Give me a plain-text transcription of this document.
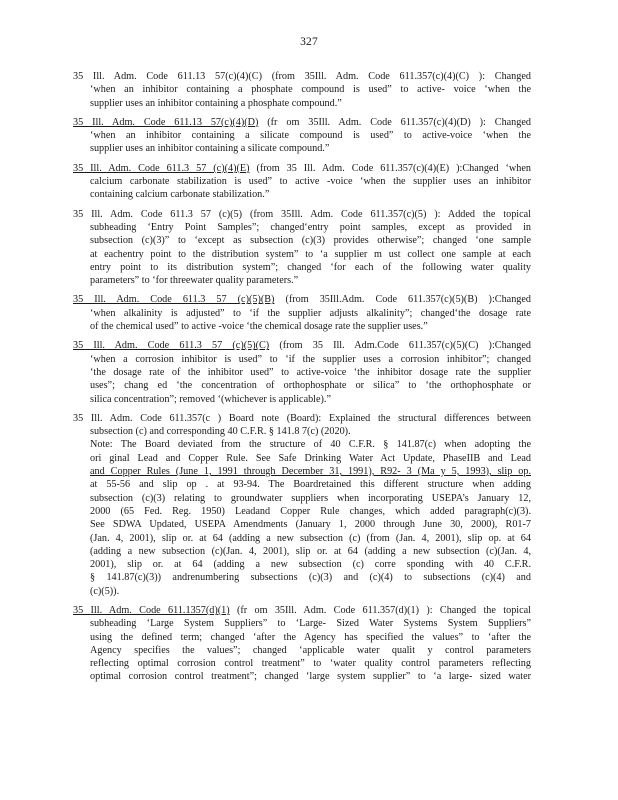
327
35 Ill. Adm. Code 611.13 57(c)(4)(C) (from 35Ill. Adm. Code 611.357(c)(4)(C) ): Changed
‘when an inhibitor containing a phosphate compound is used” to active- voice ‘when the
supplier uses an inhibitor containing a phosphate compound.”
35 Ill. Adm. Code 611.13 57(c)(4)(D) (fr om 35Ill. Adm. Code 611.357(c)(4)(D) ): Changed
‘when an inhibitor containing a silicate compound is used” to active-voice ‘when the
supplier uses an inhibitor containing a silicate compound.”
35 Ill. Adm. Code 611.3 57 (c)(4)(E) (from 35 Ill. Adm. Code 611.357(c)(4)(E) ):Changed ‘when
calcium carbonate stabilization is used” to active -voice ‘when the supplier uses an inhibitor
containing calcium carbonate stabilization.”
35 Ill. Adm. Code 611.3 57 (c)(5) (from 35Ill. Adm. Code 611.357(c)(5) ): Added the topical
subheading ‘Entry Point Samples”; changed‘entry point samples, except as provided in
subsection (c)(3)” to ‘except as subsection (c)(3) provides otherwise”; changed ‘one sample
at eachentry point to the distribution system” to ‘a supplier m ust collect one sample at each
entry point to its distribution system”; changed ‘for each of the following water quality
parameters” to ‘for threewater quality parameters.”
35 Ill. Adm. Code 611.3 57 (c)(5)(B) (from 35Ill.Adm. Code 611.357(c)(5)(B) ):Changed
‘when alkalinity is adjusted” to ‘if the supplier adjusts alkalinity”; changed‘the dosage rate
of the chemical used” to active -voice ‘the chemical dosage rate the supplier uses.”
35 Ill. Adm. Code 611.3 57 (c)(5)(C) (from 35 Ill. Adm.Code 611.357(c)(5)(C) ):Changed
‘when a corrosion inhibitor is used” to ‘if the supplier uses a corrosion inhibitor”; changed
‘the dosage rate of the inhibitor used” to active-voice ‘the inhibitor dosage rate the supplier
uses”; chang ed ‘the concentration of orthophosphate or silica” to ‘the orthophosphate or
silica concentration”; removed ‘(whichever is applicable).”
35 Ill. Adm. Code 611.357(c ) Board note (Board): Explained the structural differences between
subsection (c) and corresponding 40 C.F.R. § 141.8 7(c) (2020).
Note: The Board deviated from the structure of 40 C.F.R. § 141.87(c) when adopting the
ori ginal Lead and Copper Rule. See Safe Drinking Water Act Update, PhaseIIB and Lead
and Copper Rules (June 1, 1991 through December 31, 1991), R92- 3 (Ma y 5, 1993), slip op.
at 55-56 and slip op . at 93-94. The Boardretained this different structure when adding
subsection (c)(3) relating to groundwater suppliers when incorporating USEPA’s January 12,
2000 (65 Fed. Reg. 1950) Leadand Copper Rule changes, which added paragraph(c)(3).
See SDWA Updated, USEPA Amendments (January 1, 2000 through June 30, 2000), R01-7
(Jan. 4, 2001), slip or. at 64 (adding a new subsection (c) (from (Jan. 4, 2001), slip op. at 64
(adding a new subsection (c)(Jan. 4, 2001), slip or. at 64 (adding a new subsection (c)(Jan. 4,
2001), slip or. at 64 (adding a new subsection (c) corre sponding with 40 C.F.R.
§ 141.87(c)(3)) andrenumbering subsections (c)(3) and (c)(4) to subsections (c)(4) and
(c)(5)).
35 Ill. Adm. Code 611.1357(d)(1) (fr om 35Ill. Adm. Code 611.357(d)(1) ): Changed the topical
subheading ‘Large System Suppliers” to ‘Large- Sized Water Systems System Suppliers”
using the defined term; changed ‘after the Agency has specified the values” to ‘after the
Agency specifies the values”; changed ‘applicable water qualit y control parameters
reflecting optimal corrosion control treatment” to ‘water quality control parameters reflecting
optimal corrosion control treatment”; changed ‘large system supplier” to ‘a large- sized water
